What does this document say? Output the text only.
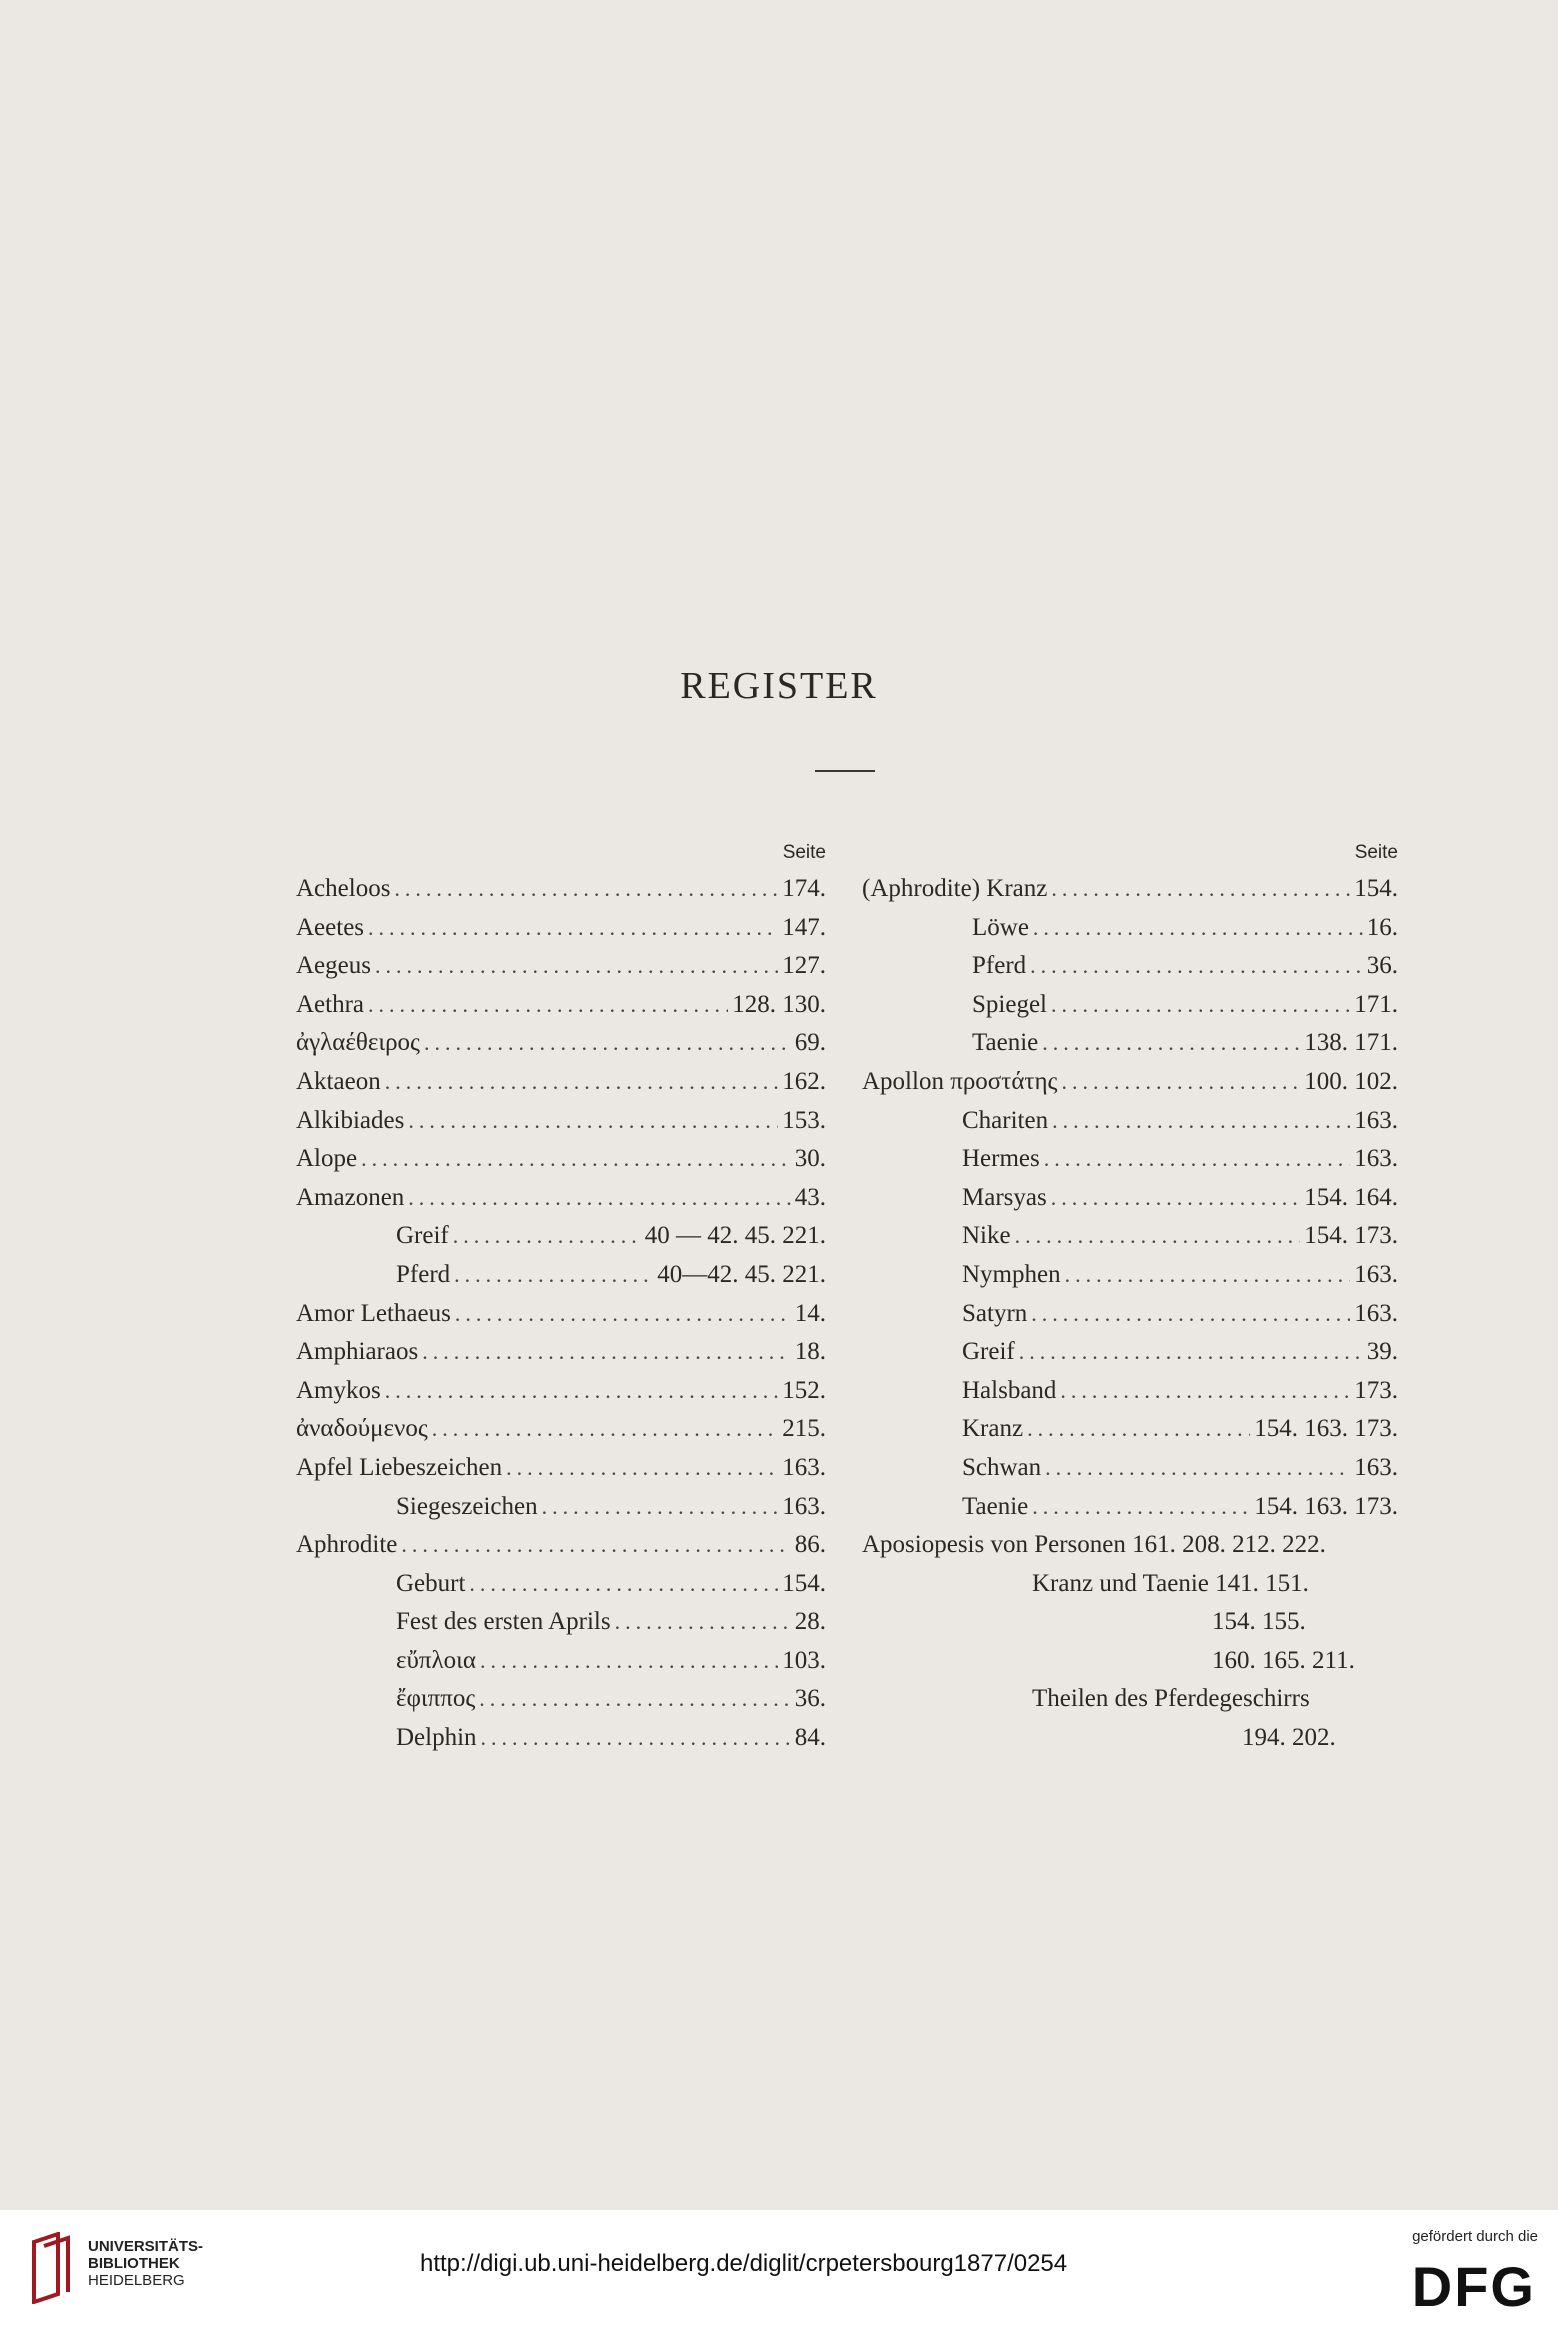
REGISTER
Seite
Acheloos .....	174.
Aeetes .....	147.
Aegeus .....	127.
Aethra .....	128. 130.
ἀγλαέθειρος .....	69.
Aktaeon .....	162.
Alkibiades .....	153.
Alope .....	30.
Amazonen .....	43.
Greif .....	40 — 42. 45. 221.
Pferd .....	40—42. 45. 221.
Amor Lethaeus .....	14.
Amphiaraos .....	18.
Amykos .....	152.
ἀναδούμενος .....	215.
Apfel Liebeszeichen .....	163.
Siegeszeichen .....	163.
Aphrodite .....	86.
Geburt .....	154.
Fest des ersten Aprils .....	28.
εὔπλοια .....	103.
ἔφιππος .....	36.
Delphin .....	84.
Seite
(Aphrodite) Kranz .....	154.
Löwe .....	16.
Pferd .....	36.
Spiegel .....	171.
Taenie .....	138. 171.
Apollon προστάτης .....	100. 102.
Chariten .....	163.
Hermes .....	163.
Marsyas .....	154. 164.
Nike .....	154. 173.
Nymphen .....	163.
Satyrn .....	163.
Greif .....	39.
Halsband .....	173.
Kranz .....	154. 163. 173.
Schwan .....	163.
Taenie .....	154. 163. 173.
Aposiopesis von Personen 161. 208. 212. 222.
Kranz und Taenie 141. 151.
154. 155.
160. 165. 211.
Theilen des Pferdegeschirrs
194. 202.
UNIVERSITÄTS-
BIBLIOTHEK
HEIDELBERG
http://digi.ub.uni-heidelberg.de/diglit/crpetersbourg1877/0254
gefördert durch die
DFG
